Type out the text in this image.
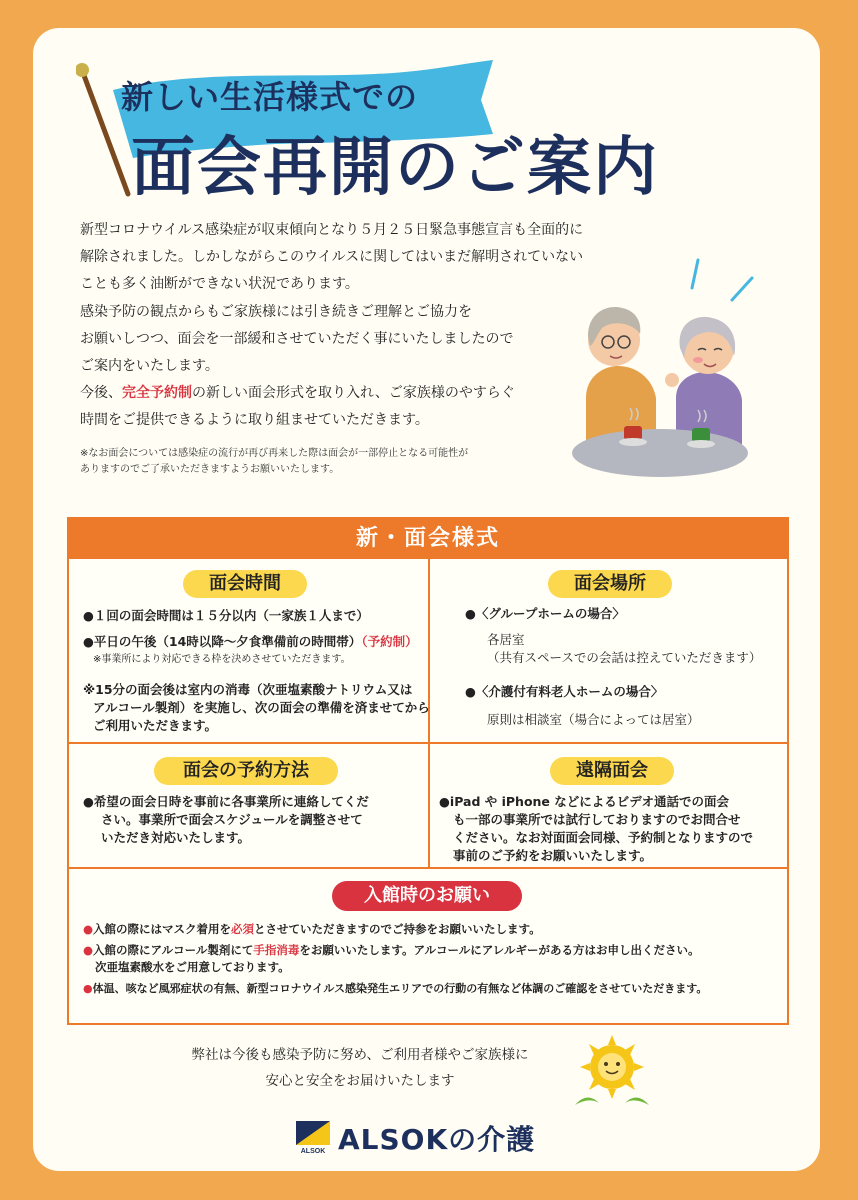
新しい生活様式での
面会再開のご案内

新型コロナウイルス感染症が収束傾向となり５月２５日緊急事態宣言も全面的に

解除されました。しかしながらこのウイルスに関してはいまだ解明されていない

ことも多く油断ができない状況であります。

感染予防の観点からもご家族様には引き続きご理解とご協力を

お願いしつつ、面会を一部緩和させていただく事にいたしましたので

ご案内をいたします。

今後、完全予約制の新しい面会形式を取り入れ、ご家族様のやすらぐ

時間をご提供できるように取り組ませていただきます。

※なお面会については感染症の流行が再び再来した際は面会が一部停止となる可能性が

ありますのでご了承いただきますようお願いいたします。

新・面会様式
面会時間

●１回の面会時間は１５分以内（一家族１人まで）

●平日の午後（14時以降～夕食準備前の時間帯）（予約制）

※事業所により対応できる枠を決めさせていただきます。

※15分の面会後は室内の消毒（次亜塩素酸ナトリウム又は

アルコール製剤）を実施し、次の面会の準備を済ませてから

ご利用いただきます。

面会場所

●〈グループホームの場合〉

各居室

（共有スペースでの会話は控えていただきます）

●〈介護付有料老人ホームの場合〉

原則は相談室（場合によっては居室）

面会の予約方法

●希望の面会日時を事前に各事業所に連絡してくだ

さい。事業所で面会スケジュールを調整させて

いただき対応いたします。

遠隔面会

●iPad や iPhone などによるビデオ通話での面会

も一部の事業所では試行しておりますのでお問合せ

ください。なお対面面会同様、予約制となりますので

事前のご予約をお願いいたします。

入館時のお願い

●入館の際にはマスク着用を必須とさせていただきますのでご持参をお願いいたします。

●入館の際にアルコール製剤にて手指消毒をお願いいたします。アルコールにアレルギーがある方はお申し出ください。

次亜塩素酸水をご用意しております。

●体温、咳など風邪症状の有無、新型コロナウイルス感染発生エリアでの行動の有無など体調のご確認をさせていただきます。

弊社は今後も感染予防に努め、ご利用者様やご家族様に

安心と安全をお届けいたします

ALSOK ALSOKの介護
